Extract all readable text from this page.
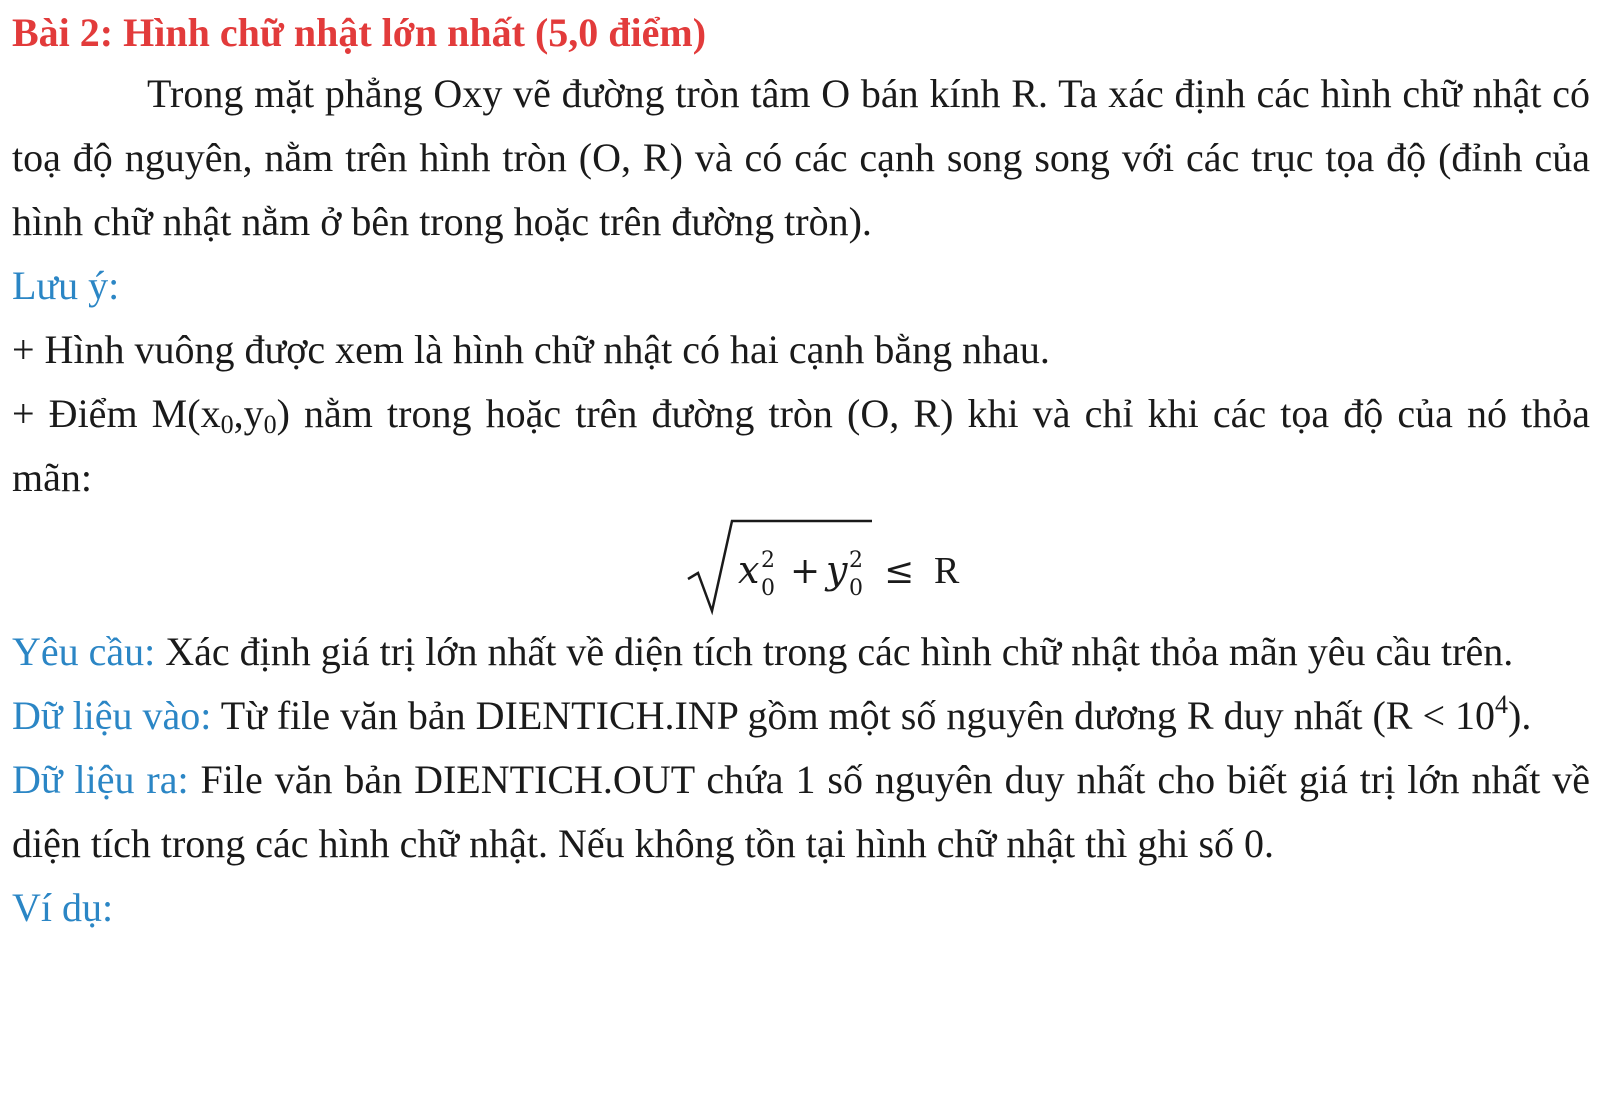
Bài 2: Hình chữ nhật lớn nhất (5,0 điểm)

Trong mặt phẳng Oxy vẽ đường tròn tâm O bán kính R. Ta xác định các hình chữ nhật có toạ độ nguyên, nằm trên hình tròn (O, R) và có các cạnh song song với các trục tọa độ (đỉnh của hình chữ nhật nằm ở bên trong hoặc trên đường tròn).

Lưu ý:

+ Hình vuông được xem là hình chữ nhật có hai cạnh bằng nhau.

+ Điểm $M(x_0,y_0)$ nằm trong hoặc trên đường tròn (O, R) khi và chỉ khi các tọa độ của nó thỏa mãn:

x 2
0 + y 2
0 ≤ R

Yêu cầu: Xác định giá trị lớn nhất về diện tích trong các hình chữ nhật thỏa mãn yêu cầu trên.

Dữ liệu vào: Từ file văn bản DIENTICH.INP gồm một số nguyên dương R duy nhất $(R < 10^4)$.

Dữ liệu ra: File văn bản DIENTICH.OUT chứa 1 số nguyên duy nhất cho biết giá trị lớn nhất về diện tích trong các hình chữ nhật. Nếu không tồn tại hình chữ nhật thì ghi số 0.

Ví dụ:
